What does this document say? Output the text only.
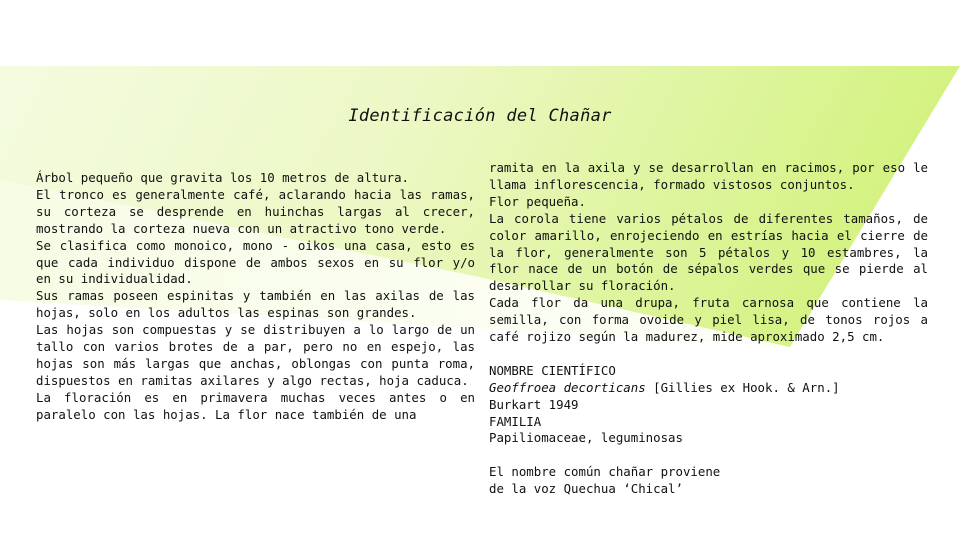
Identificación del Chañar

Árbol pequeño que gravita los 10 metros de altura.

El tronco es generalmente café, aclarando hacia las ramas, su corteza se desprende en huinchas largas al crecer, mostrando la corteza nueva con un atractivo tono verde.

Se clasifica como monoico, mono - oikos una casa, esto es que cada individuo dispone de ambos sexos en su flor y/o en su individualidad.

Sus ramas poseen espinitas y también en las axilas de las hojas, solo en los adultos las espinas son grandes.

Las hojas son compuestas y se distribuyen a lo largo de un tallo con varios brotes de a par, pero no en espejo, las hojas son más largas que anchas, oblongas con punta roma, dispuestos en ramitas axilares y algo rectas, hoja caduca.

La floración es en primavera muchas veces antes o en paralelo con las hojas. La flor nace también de una

ramita en la axila y se desarrollan en racimos, por eso le llama inflorescencia, formado vistosos conjuntos.

Flor pequeña.

La corola tiene varios pétalos de diferentes tamaños, de color amarillo, enrojeciendo en estrías hacia el cierre de la flor, generalmente son 5 pétalos y 10 estambres, la flor nace de un botón de sépalos verdes que se pierde al desarrollar su floración.

Cada flor da una drupa, fruta carnosa que contiene la semilla, con forma ovoide y piel lisa, de tonos rojos a café rojizo según la madurez, mide aproximado 2,5 cm.

NOMBRE CIENTÍFICO

Geoffroea decorticans [Gillies ex Hook. & Arn.]

Burkart 1949

FAMILIA

Papiliomaceae, leguminosas

El nombre común chañar proviene

de la voz Quechua ‘Chical’
